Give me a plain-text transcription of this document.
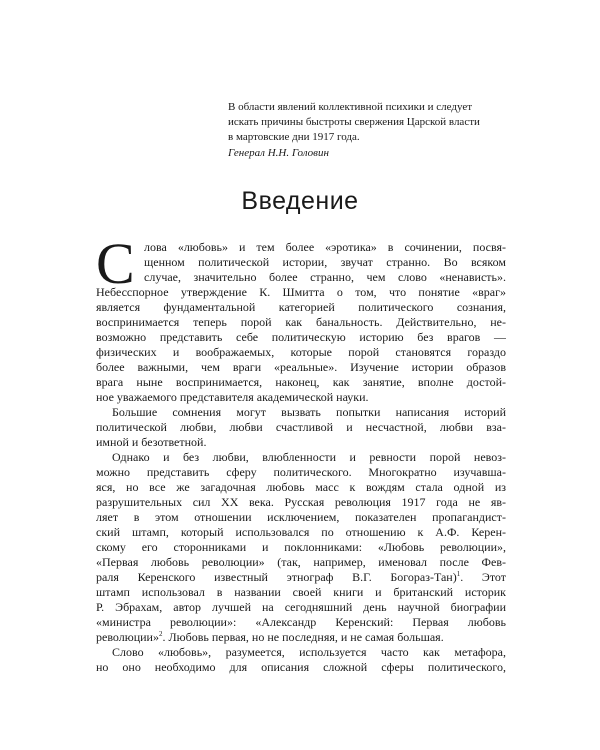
В области явлений коллективной психики и следует
искать причины быстроты свержения Царской власти
в мартовские дни 1917 года.
Генерал Н.Н. Головин
Введение
С лова «любовь» и тем более «эротика» в сочинении, посвя-
щенном политической истории, звучат странно. Во всяком
случае, значительно более странно, чем слово «ненависть».
Небесспорное утверждение К. Шмитта о том, что понятие «враг»
является фундаментальной категорией политического сознания,
воспринимается теперь порой как банальность. Действительно, не-
возможно представить себе политическую историю без врагов —
физических и воображаемых, которые порой становятся гораздо
более важными, чем враги «реальные». Изучение истории образов
врага ныне воспринимается, наконец, как занятие, вполне достой-
ное уважаемого представителя академической науки.
Большие сомнения могут вызвать попытки написания историй
политической любви, любви счастливой и несчастной, любви вза-
имной и безответной.
Однако и без любви, влюбленности и ревности порой невоз-
можно представить сферу политического. Многократно изучавша-
яся, но все же загадочная любовь масс к вождям стала одной из
разрушительных сил XX века. Русская революция 1917 года не яв-
ляет в этом отношении исключением, показателен пропагандист-
ский штамп, который использовался по отношению к А.Ф. Керен-
скому его сторонниками и поклонниками: «Любовь революции»,
«Первая любовь революции» (так, например, именовал после Фев-
раля Керенского известный этнограф В.Г. Богораз-Тан)$^1$. Этот
штамп использовал в названии своей книги и британский историк
Р. Эбрахам, автор лучшей на сегодняшний день научной биографии
«министра революции»: «Александр Керенский: Первая любовь
революции»$^2$. Любовь первая, но не последняя, и не самая большая.
Слово «любовь», разумеется, используется часто как метафора,
но оно необходимо для описания сложной сферы политического,
